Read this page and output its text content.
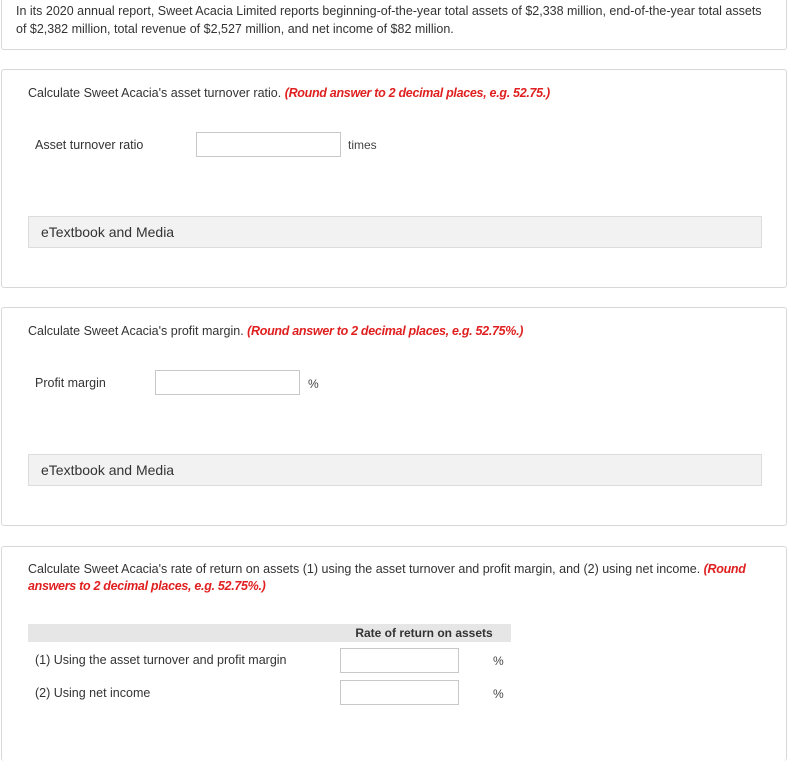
In its 2020 annual report, Sweet Acacia Limited reports beginning-of-the-year total assets of $2,338 million, end-of-the-year total assets of $2,382 million, total revenue of $2,527 million, and net income of $82 million.

Calculate Sweet Acacia's asset turnover ratio. (Round answer to 2 decimal places, e.g. 52.75.)
Asset turnover ratio	times
eTextbook and Media
Calculate Sweet Acacia's profit margin. (Round answer to 2 decimal places, e.g. 52.75%.)
Profit margin	%
eTextbook and Media
Calculate Sweet Acacia's rate of return on assets (1) using the asset turnover and profit margin, and (2) using net income. (Round answers to 2 decimal places, e.g. 52.75%.)
Rate of return on assets
(1) Using the asset turnover and profit margin	%
(2) Using net income	%
